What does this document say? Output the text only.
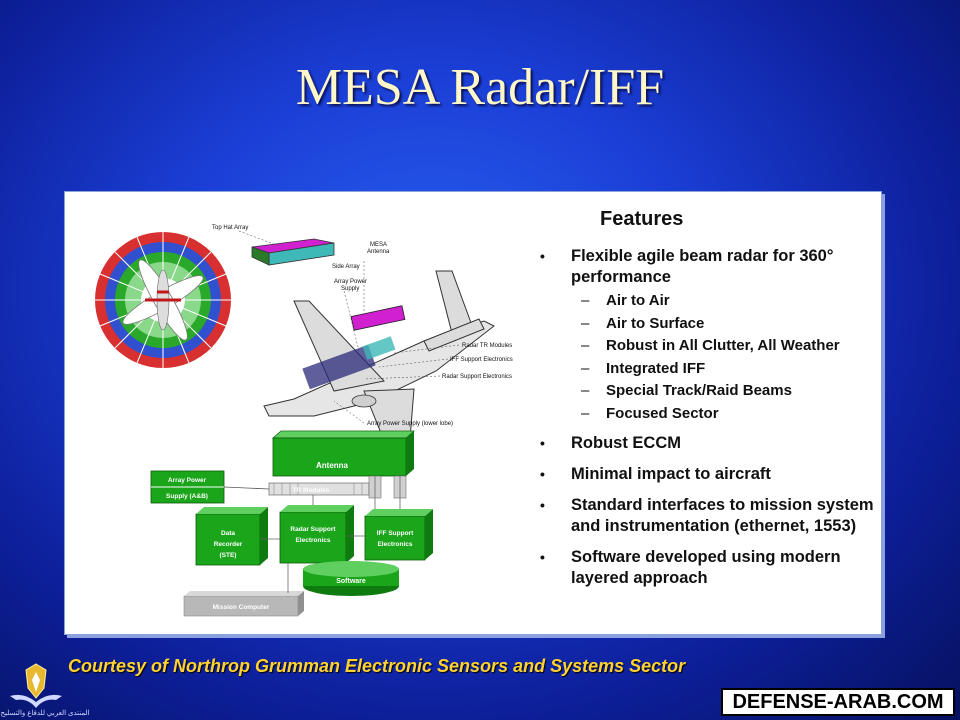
MESA Radar/IFF
Top Hat Array
MESA Antenna
Side Array
Array Power Supply
Radar TR Modules
IFF Support Electronics
Radar Support Electronics
Array Power Supply (lower lobe)
Antenna
TR Modules
Array Power
Supply (A&B)
Data Recorder (STE)
Radar Support Electronics
Software
IFF Support Electronics
Mission Computer
Features
• Flexible agile beam radar for 360° performance
– Air to Air
– Air to Surface
– Robust in All Clutter, All Weather
– Integrated IFF
– Special Track/Raid Beams
– Focused Sector
• Robust ECCM
• Minimal impact to aircraft
• Standard interfaces to mission system and instrumentation (ethernet, 1553)
• Software developed using modern layered approach
المنتدى العربي للدفاع والتسليح
Courtesy of Northrop Grumman Electronic Sensors and Systems Sector
DEFENSE-ARAB.COM
